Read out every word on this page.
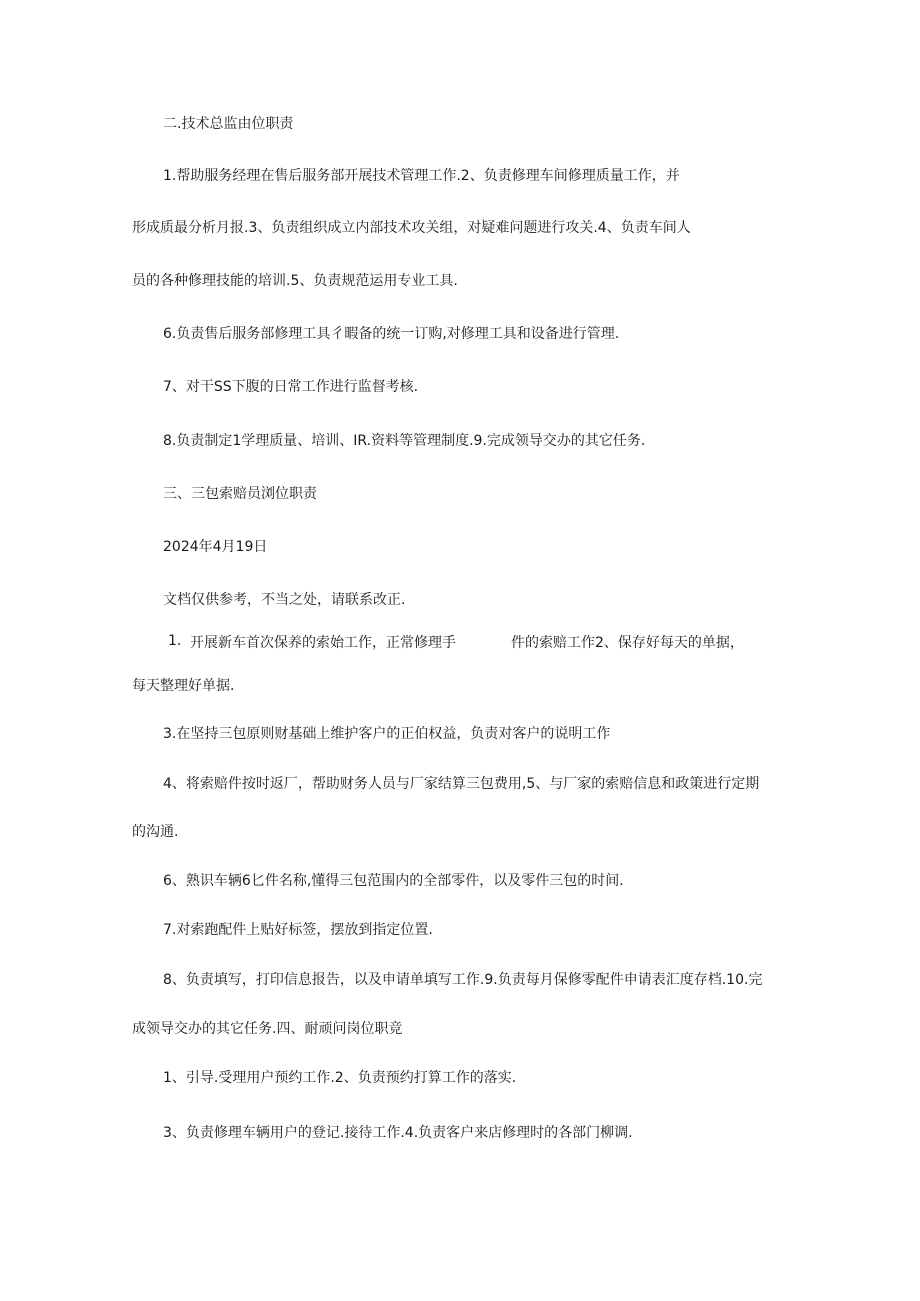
二.技术总监由位职责
1.帮助服务经理在售后服务部开展技术管理工作.2、负责修理车间修理质量工作，并
形成质最分析月报.3、负责组织成立内部技术攻关组，对疑难问题进行攻关.4、负责车间人
员的各种修理技能的培训.5、负责规范运用专业工具.
6.负责售后服务部修理工具彳暇备的统一订购,对修理工具和设备进行管理.
7、对干SS下腹的日常工作进行监督考核.
8.负责制定1学理质量、培训、IR.资料等管理制度.9.完成领导交办的其它任务.
三、三包索赔员浏位职责
2024年4月19日
文档仅供参考，不当之处，请联系改正.
1. 开展新车首次保养的索始工作，正常修理手	件的索赔工作2、保存好每天的单据，
每天整理好单据.
3.在坚持三包原则财基础上维护客户的正伯权益，负责对客户的说明工作
4、将索赔件按时返厂，帮助财务人员与厂家结算三包费用,5、与厂家的索赔信息和政策进行定期
的沟通.
6、熟识车辆6匕件名称,懂得三包范围内的全部零件，以及零件三包的时间.
7.对索跑配件上贴好标签，摆放到指定位置.
8、负责填写，打印信息报告，以及申请单填写工作.9.负责每月保修零配件申请表汇度存档.10.完
成领导交办的其它任务.四、耐顽问岗位职竞
1、引导.受理用户预约工作.2、负责预约打算工作的落实.
3、负责修理车辆用户的登记.接待工作.4.负责客户来店修理时的各部门柳调.
